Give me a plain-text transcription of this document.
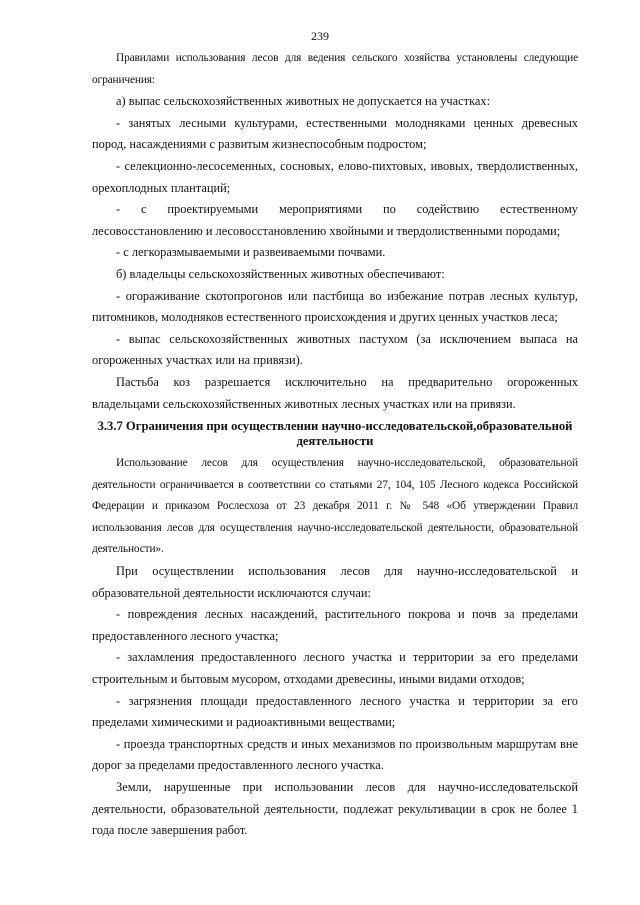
239

Правилами использования лесов для ведения сельского хозяйства установлены следующие ограничения:

а) выпас сельскохозяйственных животных не допускается на участках:

- занятых лесными культурами, естественными молодняками ценных древесных пород, насаждениями с развитым жизнеспособным подростом;

- селекционно-лесосеменных, сосновых, елово-пихтовых, ивовых, твердолиственных, орехоплодных плантаций;

- с проектируемыми мероприятиями по содействию естественному лесовосстановлению и лесовосстановлению хвойными и твердолиственными породами;

- с легкоразмываемыми и развеиваемыми почвами.

б) владельцы сельскохозяйственных животных обеспечивают:

- огораживание скотопрогонов или пастбища во избежание потрав лесных культур, питомников, молодняков естественного происхождения и других ценных участков леса;

- выпас сельскохозяйственных животных пастухом (за исключением выпаса на огороженных участках или на привязи).

Пастьба коз разрешается исключительно на предварительно огороженных владельцами сельскохозяйственных животных лесных участках или на привязи.

3.3.7 Ограничения при осуществлении научно-исследовательской,образовательной деятельности

Использование лесов для осуществления научно-исследовательской, образовательной деятельности ограничивается в соответствии со статьями 27, 104, 105 Лесного кодекса Российской Федерации и приказом Рослесхоза от 23 декабря 2011 г. № 548 «Об утверждении Правил использования лесов для осуществления научно-исследовательской деятельности, образовательной деятельности».

При осуществлении использования лесов для научно-исследовательской и образовательной деятельности исключаются случаи:

- повреждения лесных насаждений, растительного покрова и почв за пределами предоставленного лесного участка;

- захламления предоставленного лесного участка и территории за его пределами строительным и бытовым мусором, отходами древесины, иными видами отходов;

- загрязнения площади предоставленного лесного участка и территории за его пределами химическими и радиоактивными веществами;

- проезда транспортных средств и иных механизмов по произвольным маршрутам вне дорог за пределами предоставленного лесного участка.

Земли, нарушенные при использовании лесов для научно-исследовательской деятельности, образовательной деятельности, подлежат рекультивации в срок не более 1 года после завершения работ.
